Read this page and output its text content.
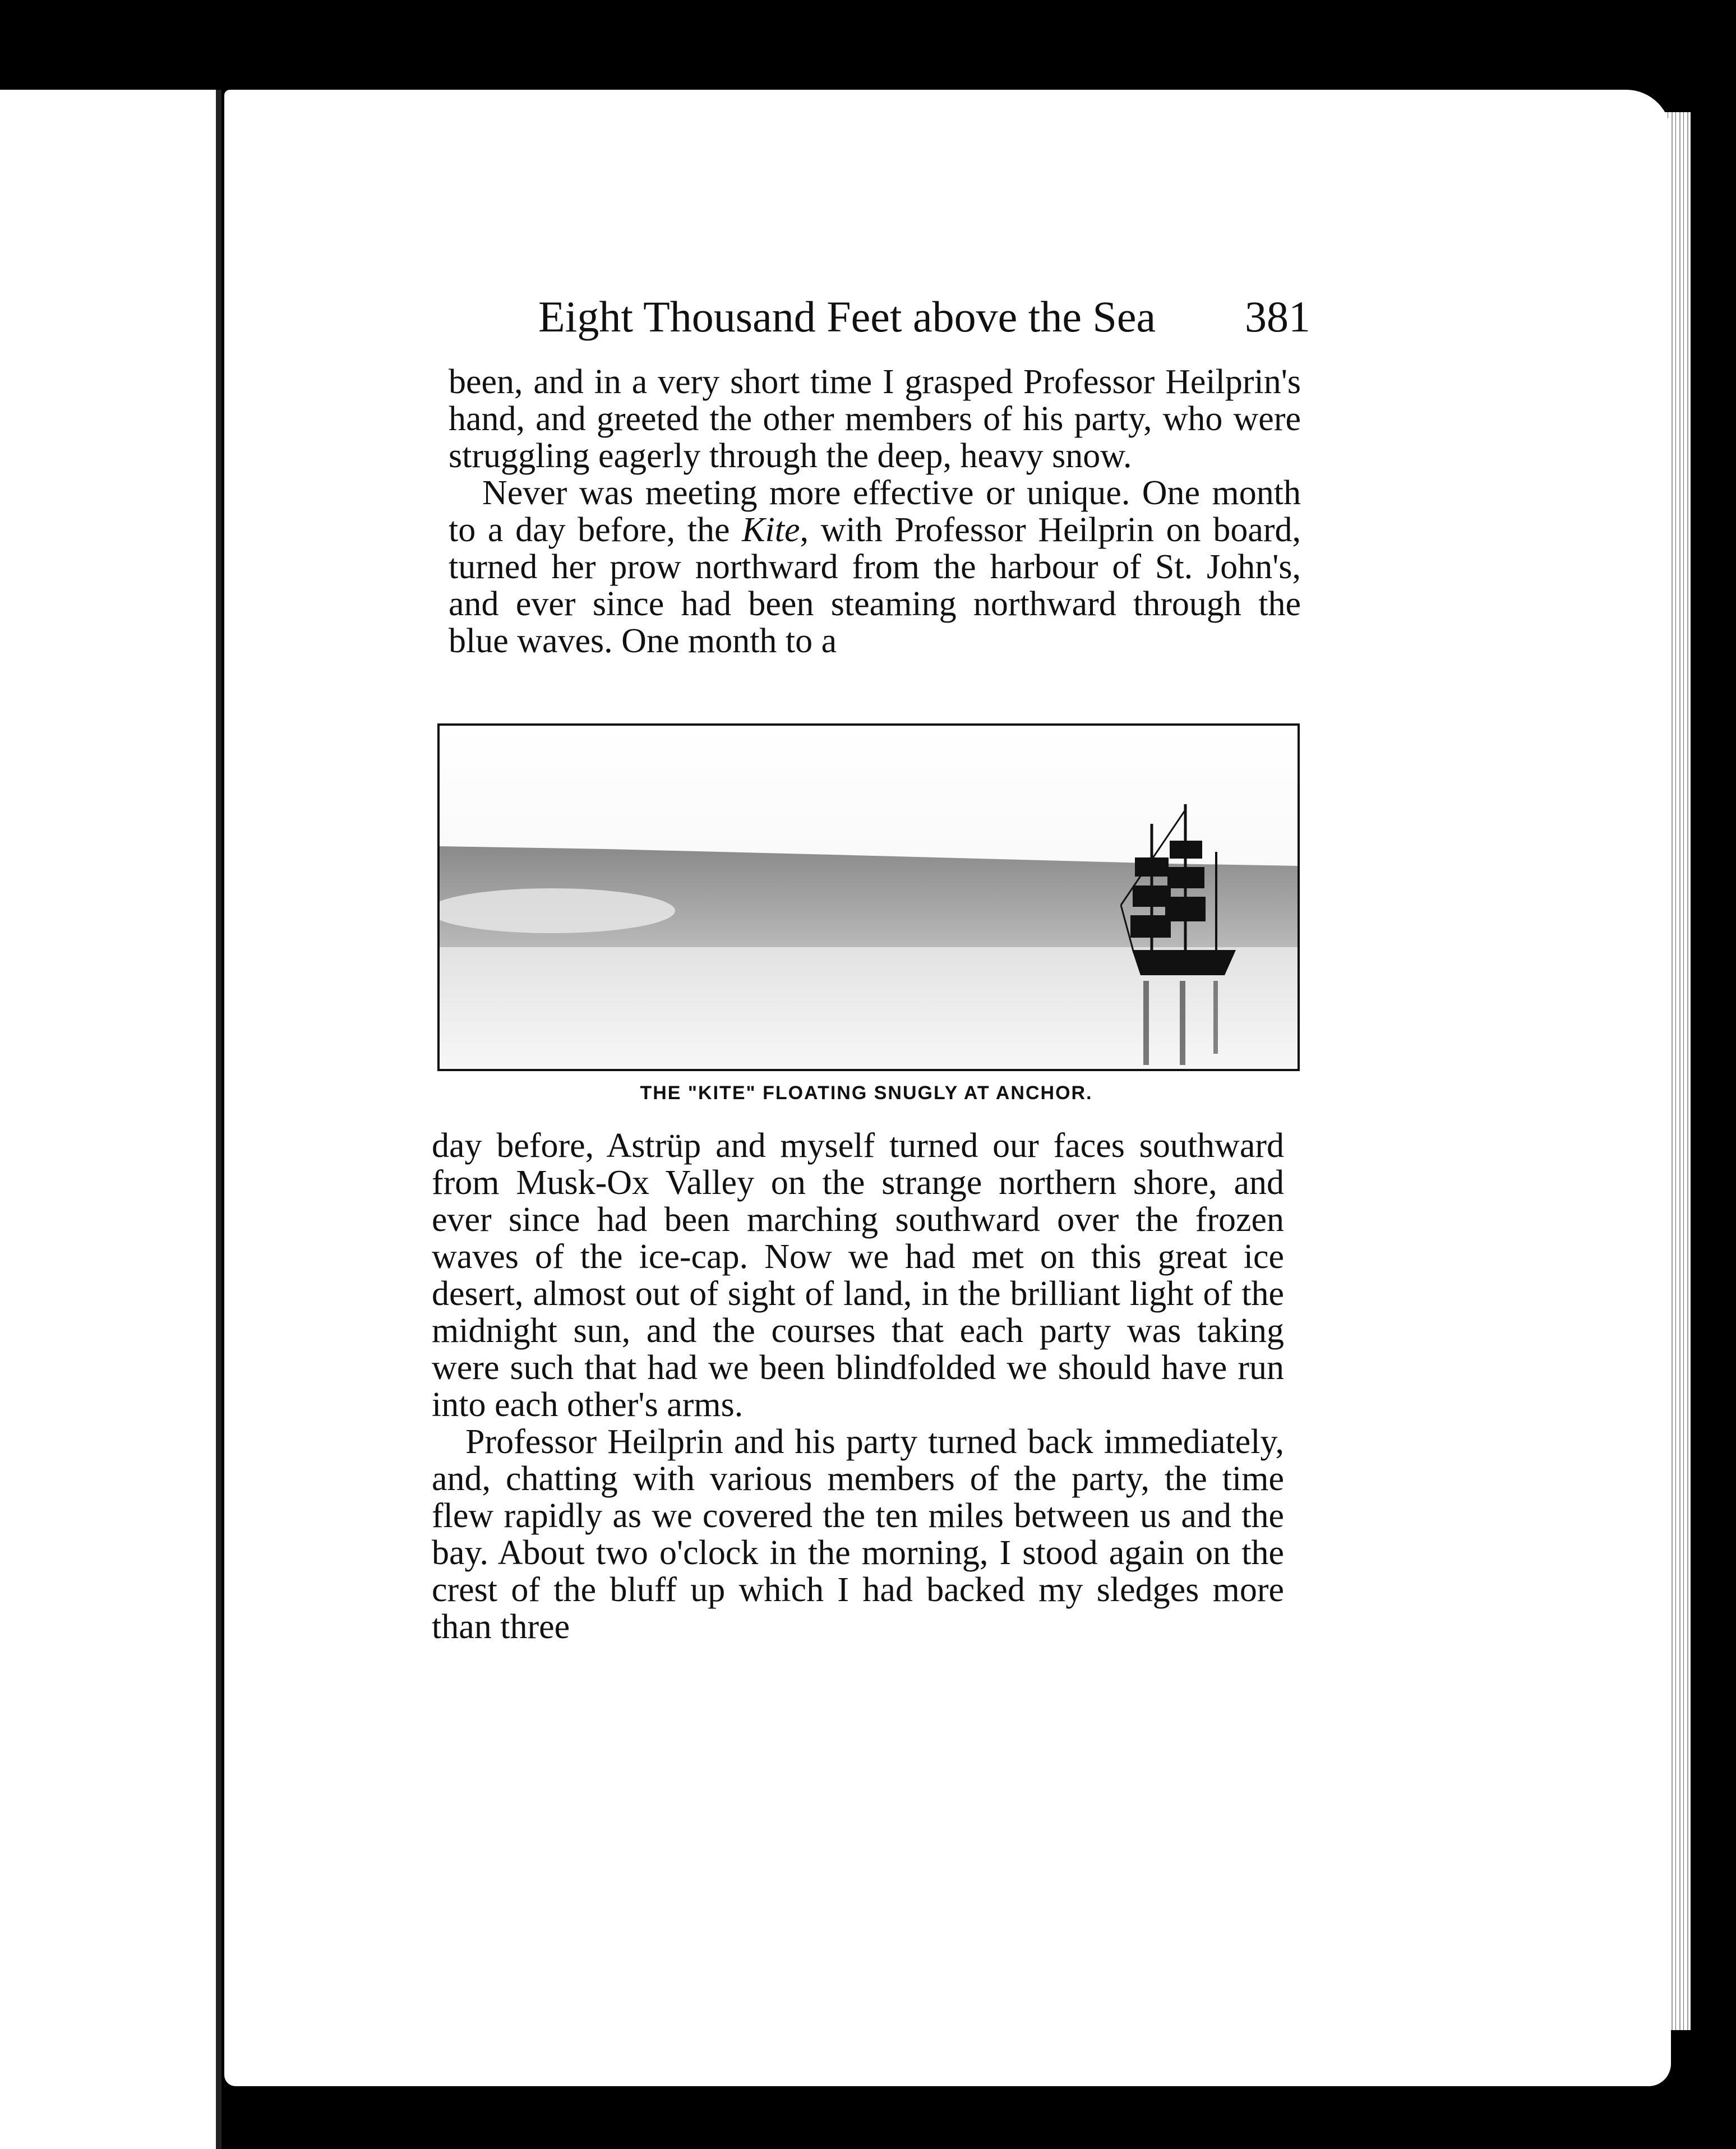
Eight Thousand Feet above the Sea	381

been, and in a very short time I grasped Professor Heilprin's hand, and greeted the other members of his party, who were struggling eagerly through the deep, heavy snow.

Never was meeting more effective or unique. One month to a day before, the Kite, with Professor Heilprin on board, turned her prow northward from the harbour of St. John's, and ever since had been steaming northward through the blue waves. One month to a

THE "KITE" FLOATING SNUGLY AT ANCHOR.

day before, Astrüp and myself turned our faces southward from Musk-Ox Valley on the strange northern shore, and ever since had been marching southward over the frozen waves of the ice-cap. Now we had met on this great ice desert, almost out of sight of land, in the brilliant light of the midnight sun, and the courses that each party was taking were such that had we been blindfolded we should have run into each other's arms.

Professor Heilprin and his party turned back immediately, and, chatting with various members of the party, the time flew rapidly as we covered the ten miles between us and the bay. About two o'clock in the morning, I stood again on the crest of the bluff up which I had backed my sledges more than three
